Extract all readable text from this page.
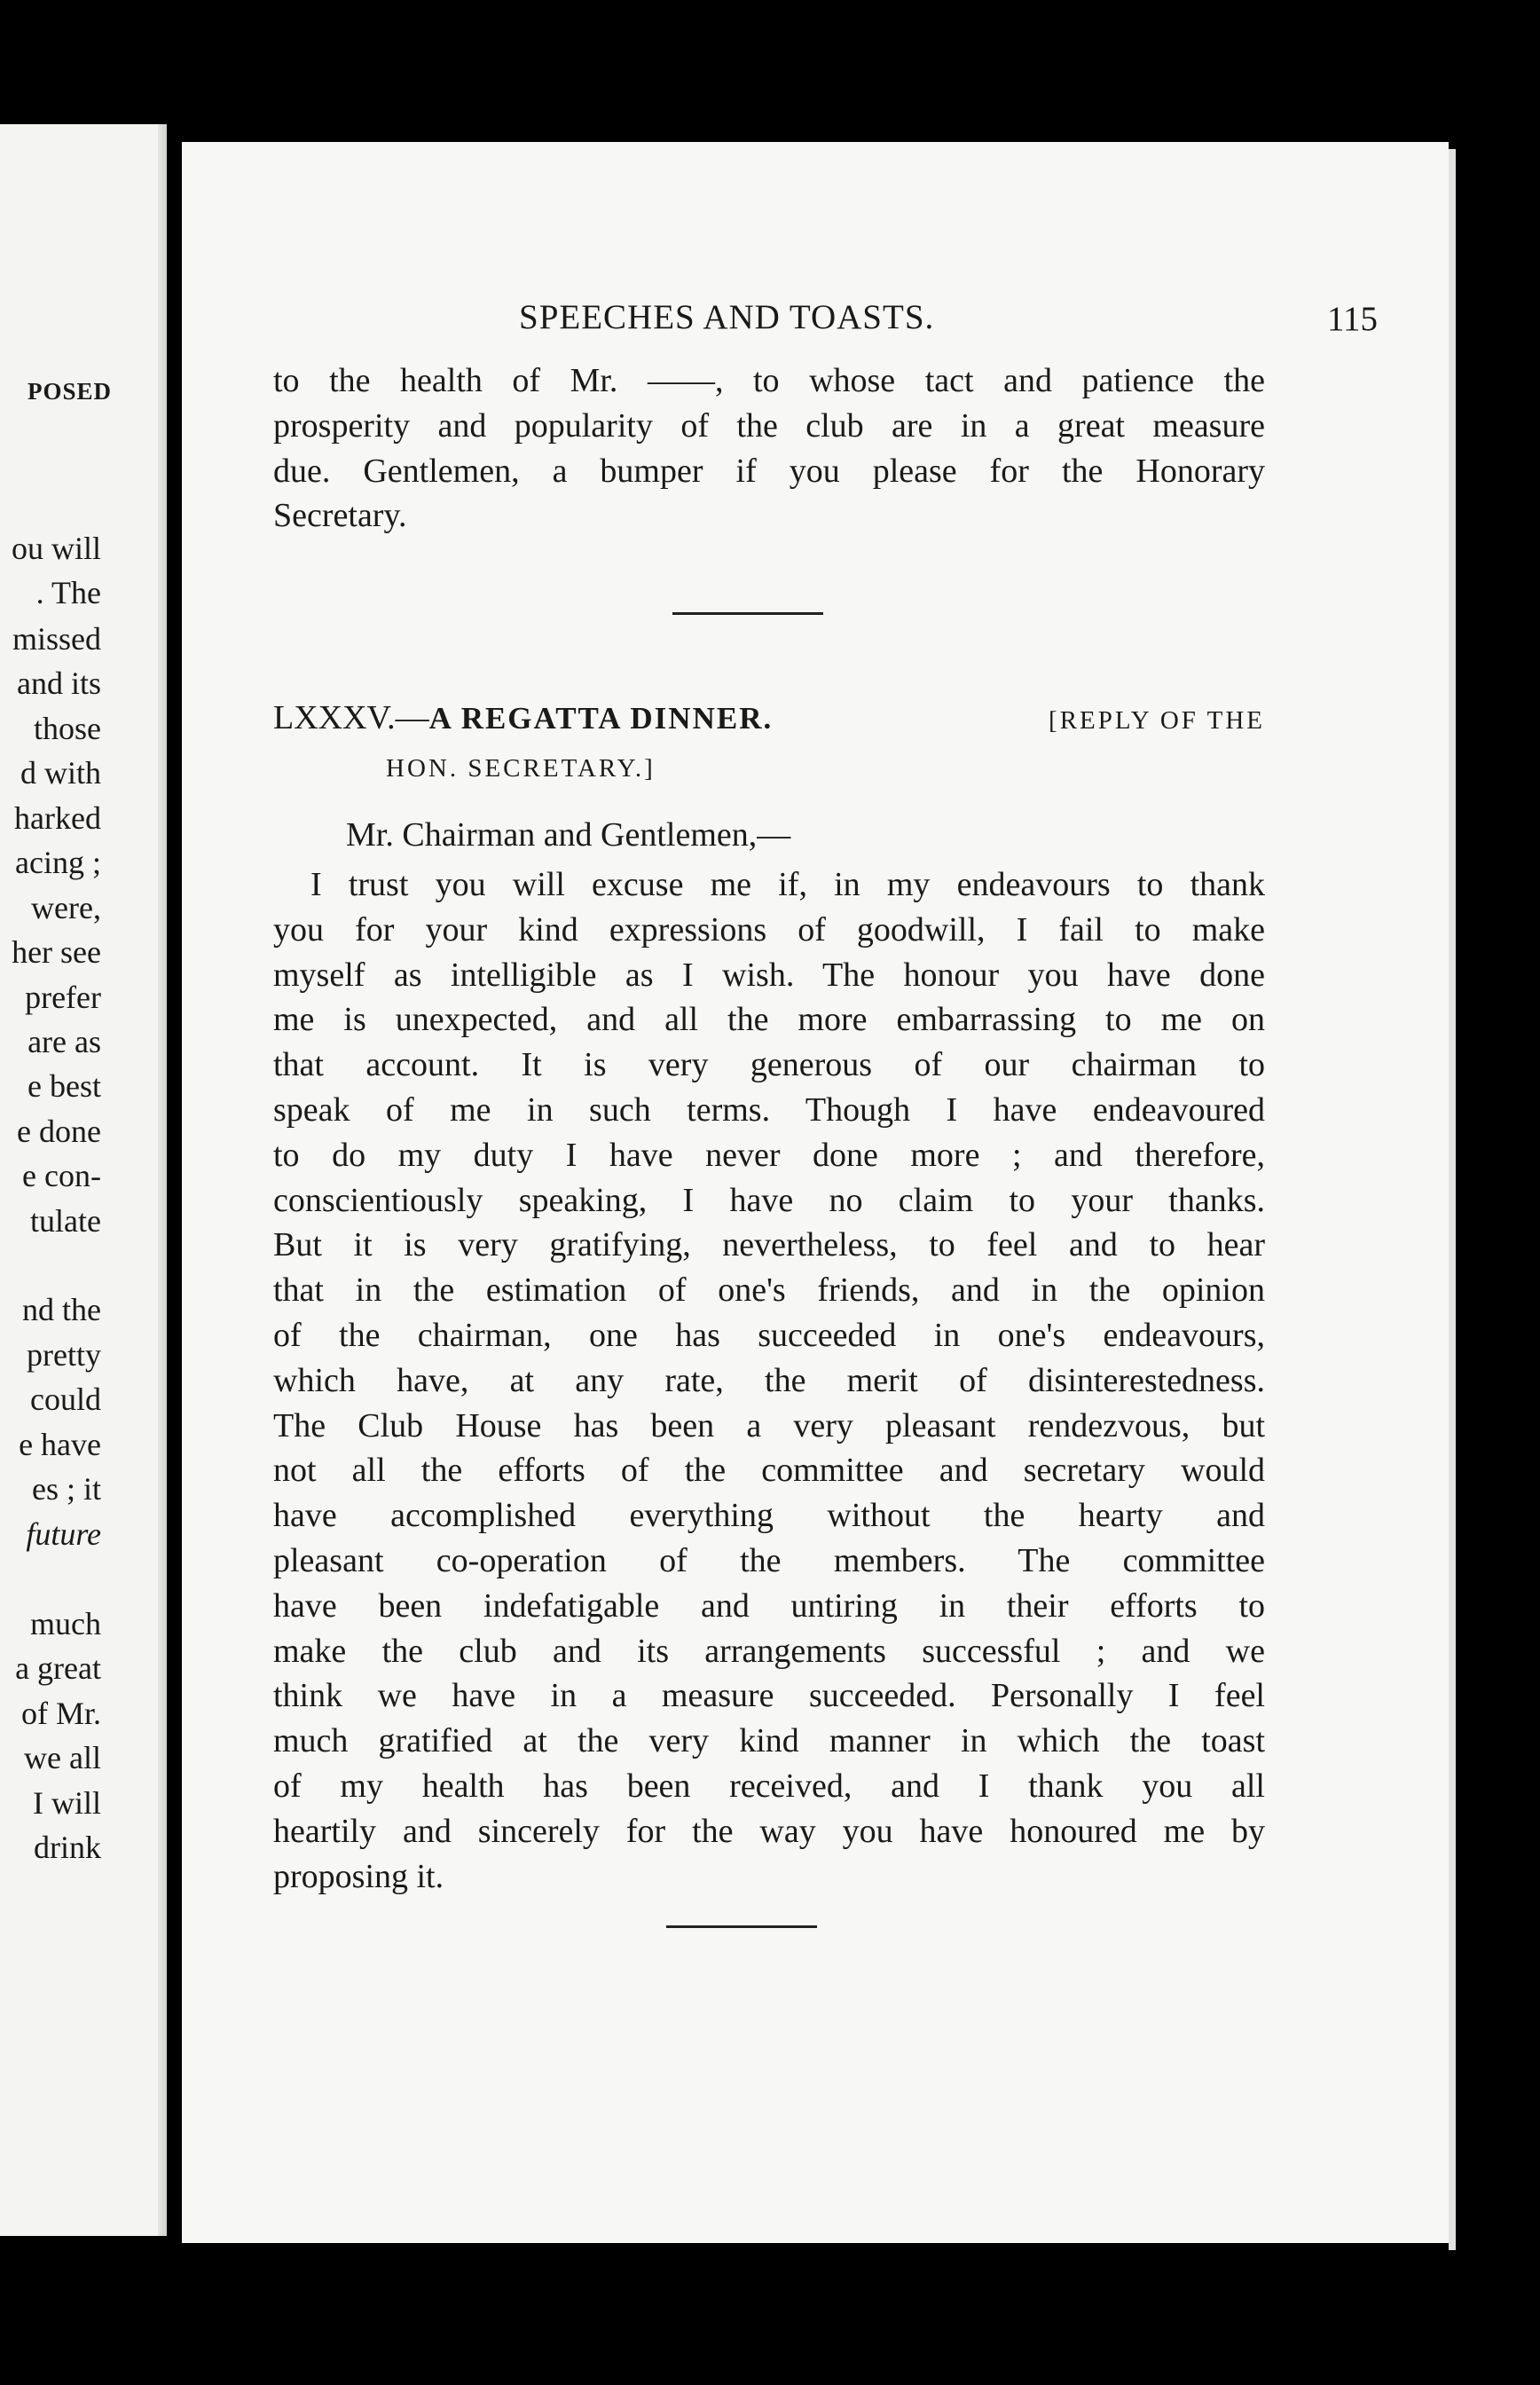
POSED
ou will
. The
missed
and its
those
d with
harked
acing ;
were,
her see
prefer
are as
e best
e done
e con-
tulate
nd the
pretty
could
e have
es ; it
future
much
a great
of Mr.
we all
I will
drink
SPEECHES AND TOASTS.	115
to the health of Mr. ——, to whose tact and patience the
prosperity and popularity of the club are in a great measure
due. Gentlemen, a bumper if you please for the Honorary
Secretary.
LXXXV.—A REGATTA DINNER.	[REPLY OF THE
HON. SECRETARY.]
Mr. Chairman and Gentlemen,—
I trust you will excuse me if, in my endeavours to thank
you for your kind expressions of goodwill, I fail to make
myself as intelligible as I wish. The honour you have done
me is unexpected, and all the more embarrassing to me on
that account. It is very generous of our chairman to
speak of me in such terms. Though I have endeavoured
to do my duty I have never done more ; and therefore,
conscientiously speaking, I have no claim to your thanks.
But it is very gratifying, nevertheless, to feel and to hear
that in the estimation of one's friends, and in the opinion
of the chairman, one has succeeded in one's endeavours,
which have, at any rate, the merit of disinterestedness.
The Club House has been a very pleasant rendezvous, but
not all the efforts of the committee and secretary would
have accomplished everything without the hearty and
pleasant co-operation of the members. The committee
have been indefatigable and untiring in their efforts to
make the club and its arrangements successful ; and we
think we have in a measure succeeded. Personally I feel
much gratified at the very kind manner in which the toast
of my health has been received, and I thank you all
heartily and sincerely for the way you have honoured me by
proposing it.
